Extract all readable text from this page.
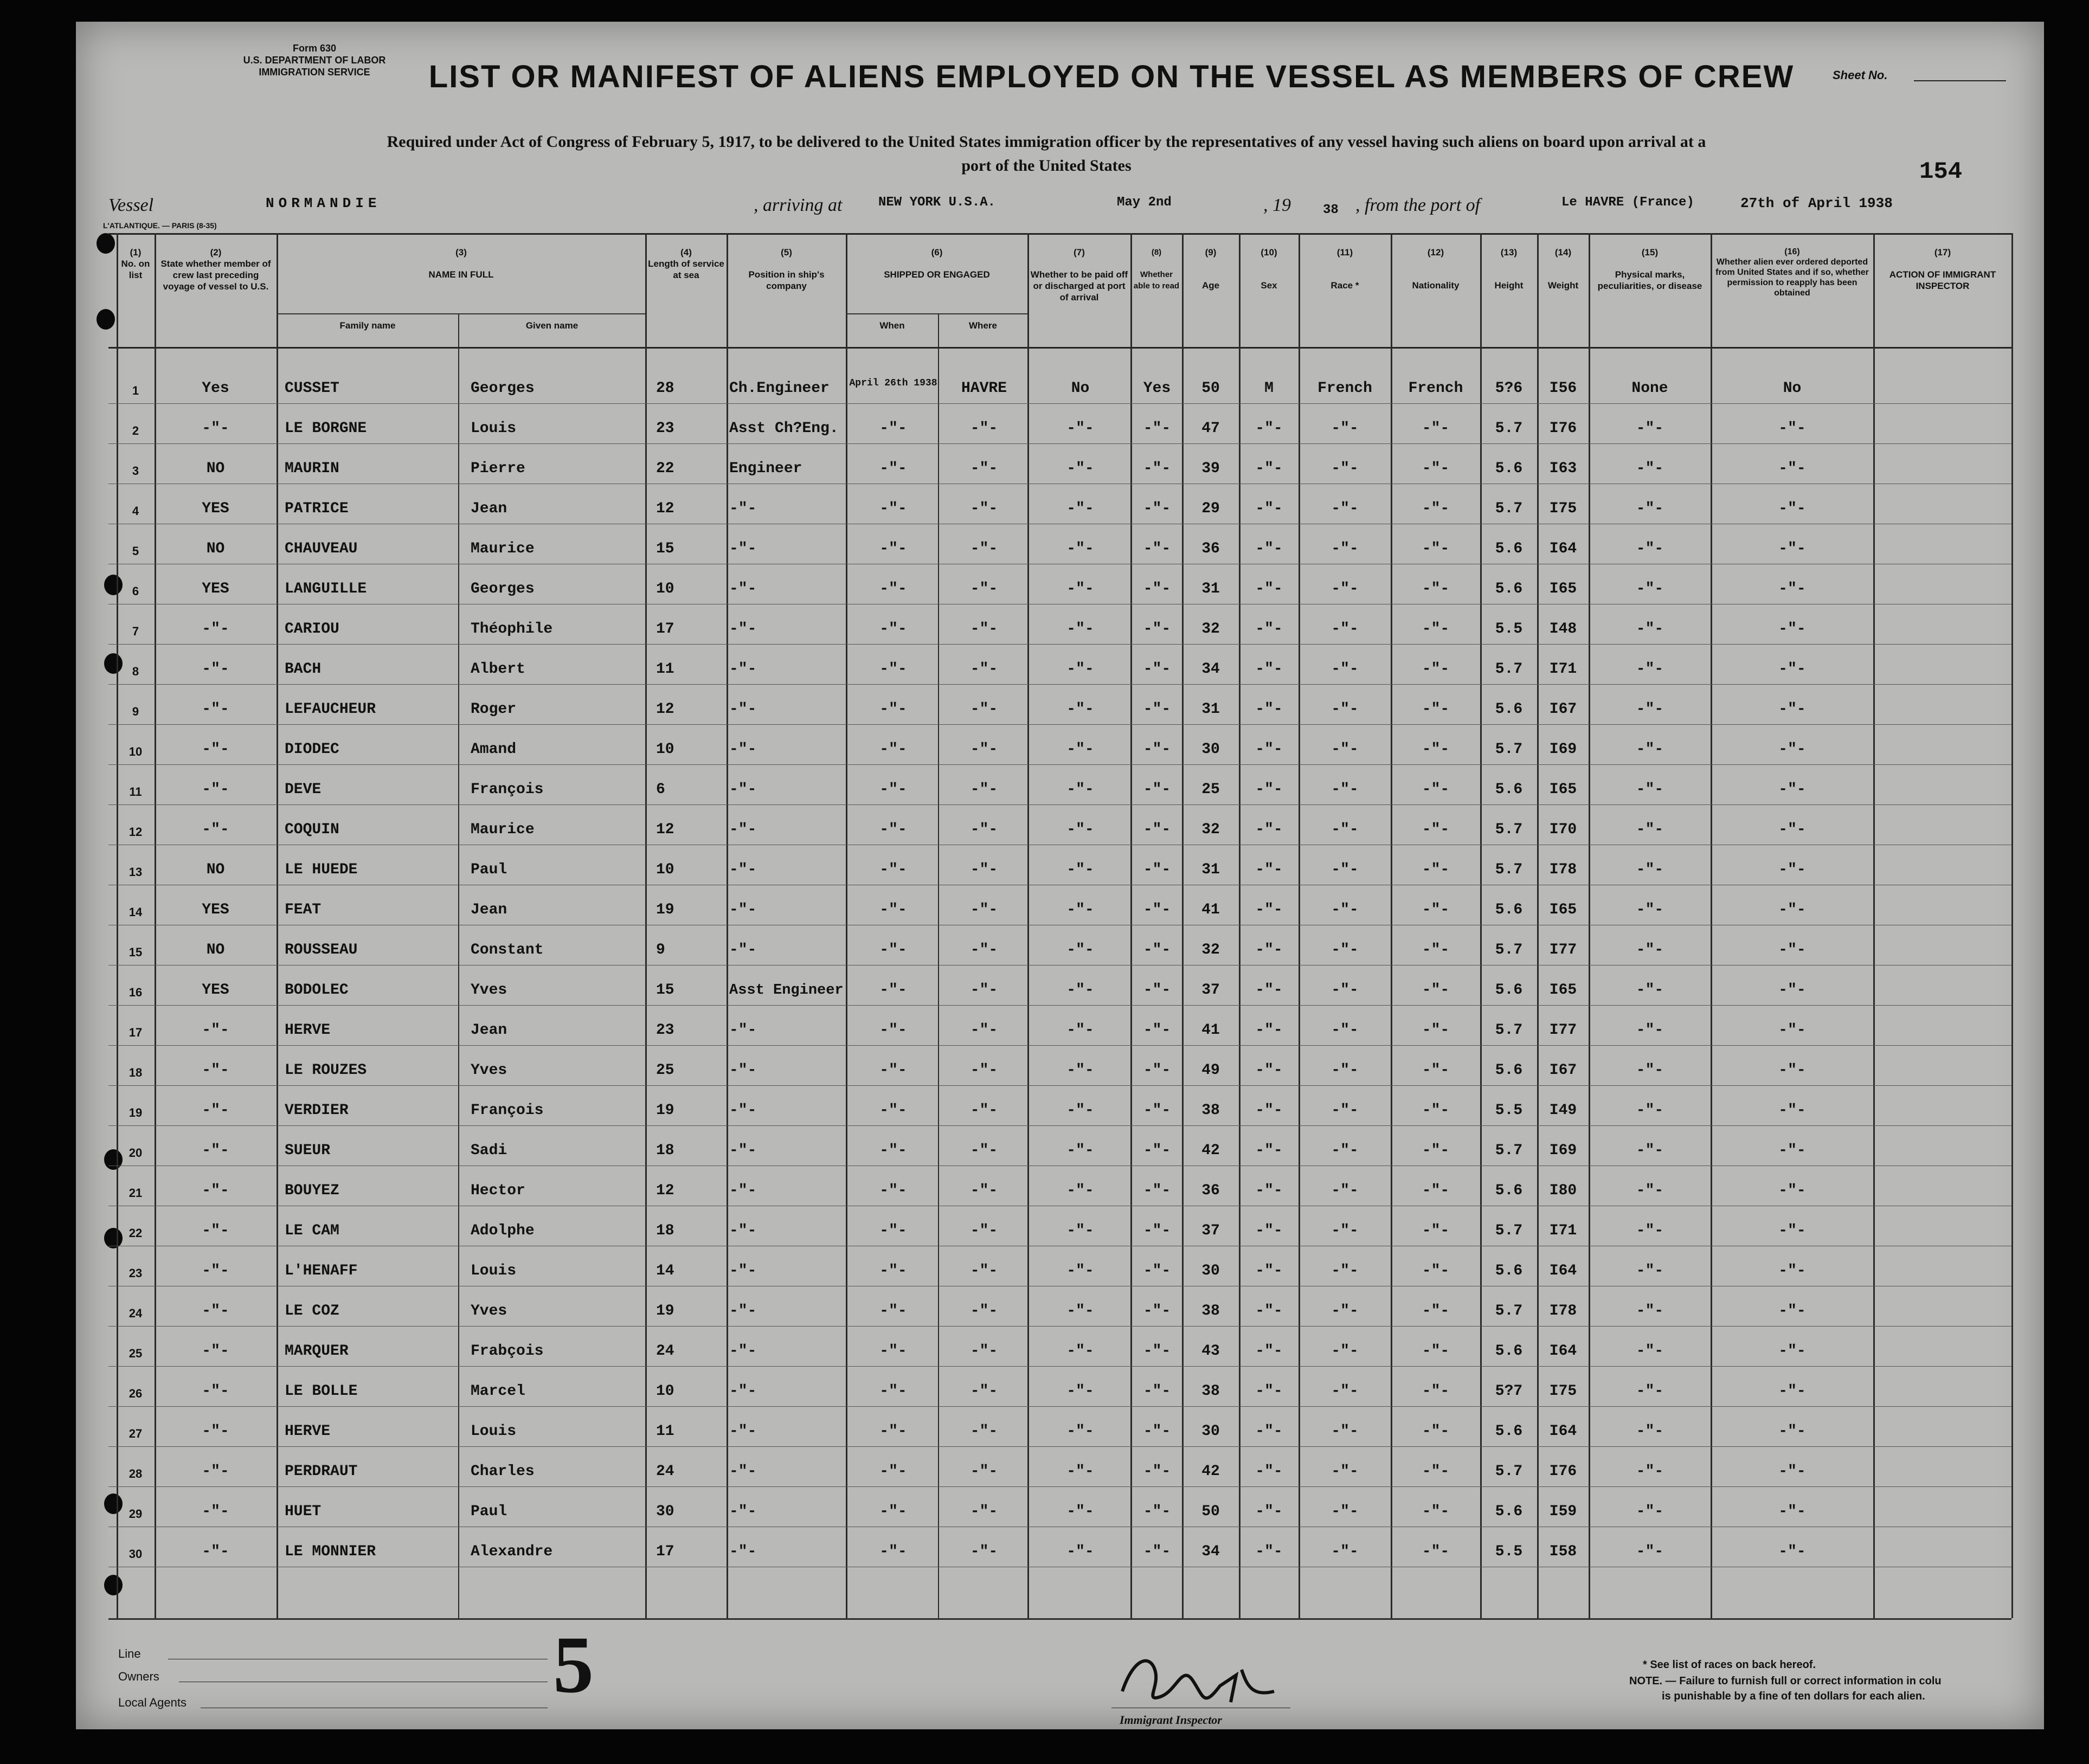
Form 630
U.S. DEPARTMENT OF LABOR
IMMIGRATION SERVICE	Sheet No.
LIST OR MANIFEST OF ALIENS EMPLOYED ON THE VESSEL AS MEMBERS OF CREW
Required under Act of Congress of February 5, 1917, to be delivered to the United States immigration officer by the representatives of any vessel having such aliens on board upon arrival at a
port of the United States	154
L'ATLANTIQUE. — PARIS (8-35)
Vessel	NORMANDIE	, arriving at	NEW YORK U.S.A.	May 2nd	, 19 38 , from the port of	Le HAVRE (France)	27th of April 1938
(1)
No. on list
(2)
State whether member of crew last preceding voyage of vessel to U.S.
(3)
NAME IN FULL
Family name	Given name
(4)
Length of service at sea
(5)
Position in ship's company
(6)
SHIPPED OR ENGAGED
When	Where
(7)
Whether to be paid off or discharged at port of arrival
(8)
Whether able to read
(9)
Age
(10)
Sex
(11)
Race *
(12)
Nationality
(13)
Height
(14)
Weight
(15)
Physical marks, peculiarities, or disease
(16)
Whether alien ever ordered deported from United States and if so, whether permission to reapply has been obtained
(17)
ACTION OF IMMIGRANT INSPECTOR
1	Yes	CUSSET	Georges	28	Ch.Engineer	April 26th 1938	HAVRE	No	Yes	50	M	French	French	5?6	I56	None	No
2	-"-	LE BORGNE	Louis	23	Asst Ch?Eng.	-"-	-"-	-"-	-"-	47	-"-	-"-	-"-	5.7	I76	-"-	-"-
3	NO	MAURIN	Pierre	22	Engineer	-"-	-"-	-"-	-"-	39	-"-	-"-	-"-	5.6	I63	-"-	-"-
4	YES	PATRICE	Jean	12	-"-	-"-	-"-	-"-	-"-	29	-"-	-"-	-"-	5.7	I75	-"-	-"-
5	NO	CHAUVEAU	Maurice	15	-"-	-"-	-"-	-"-	-"-	36	-"-	-"-	-"-	5.6	I64	-"-	-"-
6	YES	LANGUILLE	Georges	10	-"-	-"-	-"-	-"-	-"-	31	-"-	-"-	-"-	5.6	I65	-"-	-"-
7	-"-	CARIOU	Théophile	17	-"-	-"-	-"-	-"-	-"-	32	-"-	-"-	-"-	5.5	I48	-"-	-"-
8	-"-	BACH	Albert	11	-"-	-"-	-"-	-"-	-"-	34	-"-	-"-	-"-	5.7	I71	-"-	-"-
9	-"-	LEFAUCHEUR	Roger	12	-"-	-"-	-"-	-"-	-"-	31	-"-	-"-	-"-	5.6	I67	-"-	-"-
10	-"-	DIODEC	Amand	10	-"-	-"-	-"-	-"-	-"-	30	-"-	-"-	-"-	5.7	I69	-"-	-"-
11	-"-	DEVE	François	6	-"-	-"-	-"-	-"-	-"-	25	-"-	-"-	-"-	5.6	I65	-"-	-"-
12	-"-	COQUIN	Maurice	12	-"-	-"-	-"-	-"-	-"-	32	-"-	-"-	-"-	5.7	I70	-"-	-"-
13	NO	LE HUEDE	Paul	10	-"-	-"-	-"-	-"-	-"-	31	-"-	-"-	-"-	5.7	I78	-"-	-"-
14	YES	FEAT	Jean	19	-"-	-"-	-"-	-"-	-"-	41	-"-	-"-	-"-	5.6	I65	-"-	-"-
15	NO	ROUSSEAU	Constant	9	-"-	-"-	-"-	-"-	-"-	32	-"-	-"-	-"-	5.7	I77	-"-	-"-
16	YES	BODOLEC	Yves	15	Asst Engineer	-"-	-"-	-"-	-"-	37	-"-	-"-	-"-	5.6	I65	-"-	-"-
17	-"-	HERVE	Jean	23	-"-	-"-	-"-	-"-	-"-	41	-"-	-"-	-"-	5.7	I77	-"-	-"-
18	-"-	LE ROUZES	Yves	25	-"-	-"-	-"-	-"-	-"-	49	-"-	-"-	-"-	5.6	I67	-"-	-"-
19	-"-	VERDIER	François	19	-"-	-"-	-"-	-"-	-"-	38	-"-	-"-	-"-	5.5	I49	-"-	-"-
20	-"-	SUEUR	Sadi	18	-"-	-"-	-"-	-"-	-"-	42	-"-	-"-	-"-	5.7	I69	-"-	-"-
21	-"-	BOUYEZ	Hector	12	-"-	-"-	-"-	-"-	-"-	36	-"-	-"-	-"-	5.6	I80	-"-	-"-
22	-"-	LE CAM	Adolphe	18	-"-	-"-	-"-	-"-	-"-	37	-"-	-"-	-"-	5.7	I71	-"-	-"-
23	-"-	L'HENAFF	Louis	14	-"-	-"-	-"-	-"-	-"-	30	-"-	-"-	-"-	5.6	I64	-"-	-"-
24	-"-	LE COZ	Yves	19	-"-	-"-	-"-	-"-	-"-	38	-"-	-"-	-"-	5.7	I78	-"-	-"-
25	-"-	MARQUER	Frabçois	24	-"-	-"-	-"-	-"-	-"-	43	-"-	-"-	-"-	5.6	I64	-"-	-"-
26	-"-	LE BOLLE	Marcel	10	-"-	-"-	-"-	-"-	-"-	38	-"-	-"-	-"-	5?7	I75	-"-	-"-
27	-"-	HERVE	Louis	11	-"-	-"-	-"-	-"-	-"-	30	-"-	-"-	-"-	5.6	I64	-"-	-"-
28	-"-	PERDRAUT	Charles	24	-"-	-"-	-"-	-"-	-"-	42	-"-	-"-	-"-	5.7	I76	-"-	-"-
29	-"-	HUET	Paul	30	-"-	-"-	-"-	-"-	-"-	50	-"-	-"-	-"-	5.6	I59	-"-	-"-
30	-"-	LE MONNIER	Alexandre	17	-"-	-"-	-"-	-"-	-"-	34	-"-	-"-	-"-	5.5	I58	-"-	-"-
Line
Owners
Local Agents	5
Immigrant Inspector
* See list of races on back hereof.
NOTE. — Failure to furnish full or correct information in colu
is punishable by a fine of ten dollars for each alien.
